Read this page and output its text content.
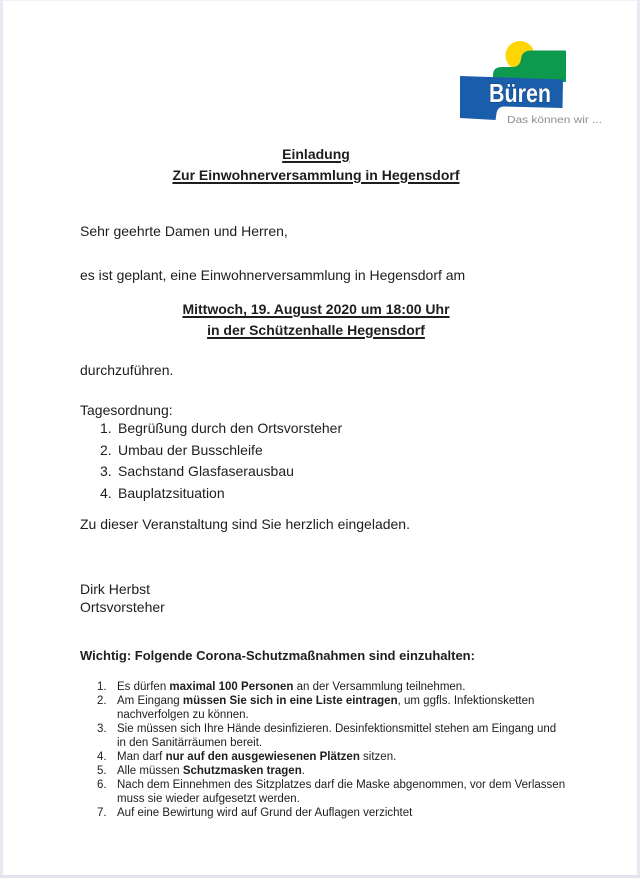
Büren
Das können wir ...
Einladung
Zur Einwohnerversammlung in Hegensdorf
Sehr geehrte Damen und Herren,
es ist geplant, eine Einwohnerversammlung in Hegensdorf am
Mittwoch, 19. August 2020 um 18:00 Uhr
in der Schützenhalle Hegensdorf
durchzuführen.
Tagesordnung:
1. Begrüßung durch den Ortsvorsteher
2. Umbau der Busschleife
3. Sachstand Glasfaserausbau
4. Bauplatzsituation
Zu dieser Veranstaltung sind Sie herzlich eingeladen.
Dirk Herbst
Ortsvorsteher
Wichtig: Folgende Corona-Schutzmaßnahmen sind einzuhalten:
1. Es dürfen maximal 100 Personen an der Versammlung teilnehmen.
2. Am Eingang müssen Sie sich in eine Liste eintragen, um ggfls. Infektionsketten nachverfolgen zu können.
3. Sie müssen sich Ihre Hände desinfizieren. Desinfektionsmittel stehen am Eingang und in den Sanitärräumen bereit.
4. Man darf nur auf den ausgewiesenen Plätzen sitzen.
5. Alle müssen Schutzmasken tragen.
6. Nach dem Einnehmen des Sitzplatzes darf die Maske abgenommen, vor dem Verlassen muss sie wieder aufgesetzt werden.
7. Auf eine Bewirtung wird auf Grund der Auflagen verzichtet
